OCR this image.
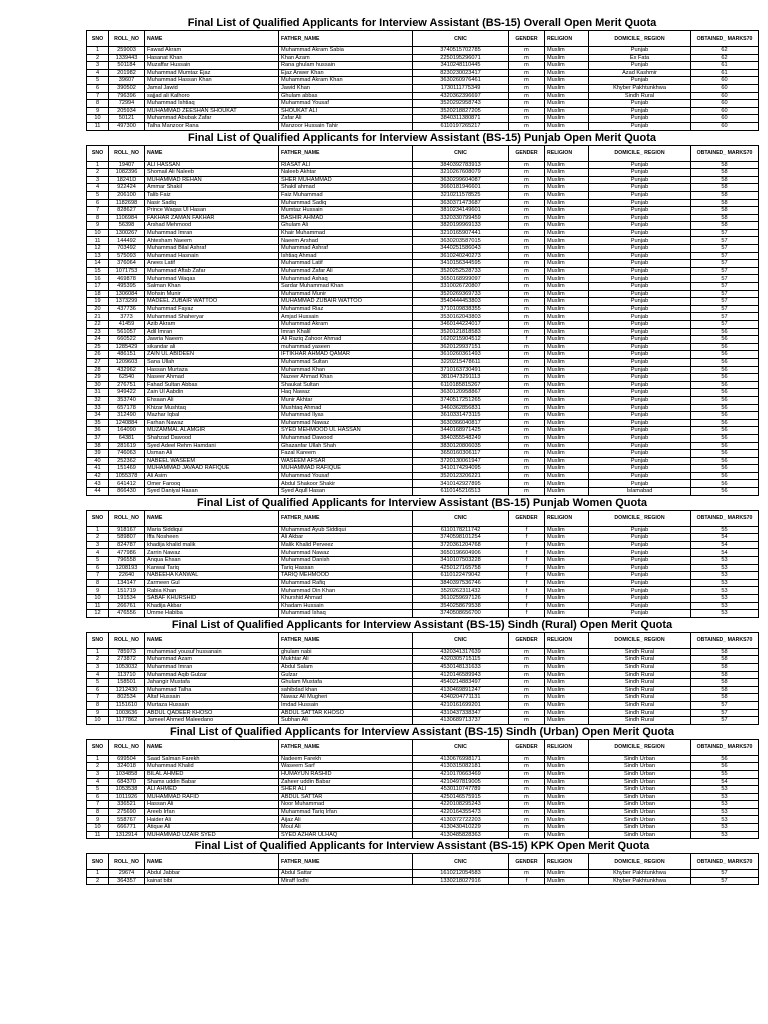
Final List of Qualified Applicants for Interview Assistant (BS-15) Overall Open Merit Quota
SNO	ROLL_NO	NAME	FATHER_NAME	CNIC	GENDER	RELIGION	DOMICILE_ REGION	OBTAINED_ MARKS70
1	259003	Fawad Akram	Muhammad Akram Sabia	3740515702785	m	Muslim	Punjab	62
2	1339443	Hasanat Khan	Khan Azam	2250195296071	m	Muslim	Ex Fata	62
3	501184	Muzaffar Hussain	Rana ghulam hussain	3410248110445	m	Muslim	Punjab	61
4	201982	Muhammad Mumtaz Ejaz	Ejaz Anwer Khan	8230230023417	m	Muslim	Azad Kashmir	61
5	39607	Muhammad Hassan Khan	Muhammad Akram Khan	3630260976461	m	Muslim	Punjab	60
6	390502	Jamal Jawid	Jawid Khan	1730111775349	m	Muslim	Khyber Pakhtunkhwa	60
7	796396	sajjad ali Kalhoro	Ghulam abbas	4320362396697	m	Muslim	Sindh Rural	60
8	72994	Muhammad Ishtiaq	Muhammad Yousaf	3520292958743	m	Muslim	Punjab	60
9	205934	MUHAMMAD ZEESHAN SHOUKAT	SHOUKAT ALI	3520218827205	m	Muslim	Punjab	60
10	50121	Muhammad Abubak Zafar	Zafar Ali	3840311380871	m	Muslim	Punjab	60
11	497300	Talha Manzoor Rana	Manzoor Hussain Tahir	6110197265217	m	Muslim	Punjab	60
Final List of Qualified Applicants for Interview Assistant (BS-15) Punjab Open Merit Quota
SNO	ROLL_NO	NAME	FATHER_NAME	CNIC	GENDER	RELIGION	DOMICILE_ REGION	OBTAINED_ MARKS70
1	19407	ALI HASSAN	RIASAT ALI	3840392783913	m	Muslim	Punjab	58
2	1082396	Shomail Ali Naleeb	Naleeb Akhtar	3210267608079	m	Muslim	Punjab	58
3	18241D	MUHAMMAD REHAN	SHER MUHAMMAD	3630299604087	m	Muslim	Punjab	58
4	922424	Ammar Shakil	Shakil ahmad	3660181946601	m	Muslim	Punjab	58
5	206100	Talib Faiz	Faiz Muhammad	3210211578525	m	Muslim	Punjab	58
6	1182698	Nasir Sadiq	Muhammad Sadiq	3630371473687	m	Muslim	Punjab	58
7	828627	Prince Waqas Ul Hasan	Mumtaz Hussain	3810234149601	m	Muslim	Punjab	58
8	1106984	FAKHAR ZAMAN FAKHAR	BASHIR AHMAD	3320330799459	m	Muslim	Punjab	58
9	56398	Arshad Mehmood	Ghulam Ali	3820199969133	m	Muslim	Punjab	58
10	1300267	Muhammad Imran	Khair Muhammad	3210165907441	m	Muslim	Punjab	57
11	144492	Ahtesham Naeem	Naeem Arshad	3630203587015	m	Muslim	Punjab	57
12	703492	Muhammad Bilal Ashraf	Muhammad Ashraf	3440251586043	m	Muslim	Punjab	57
13	575093	Muhammad Hasnain	Ishtiaq Ahmad	3610240240273	m	Muslim	Punjab	57
14	376064	Anees Latif	Muhammad Latif	3410156344595	m	Muslim	Punjab	57
15	1071753	Muhammad Aftab Zafar	Muhammad Zafar Ali	3520252528733	m	Muslim	Punjab	57
16	469878	Muhammad Waqas	Muhammad Ashaq	3650168999097	m	Muslim	Punjab	57
17	495395	Salman Khan	Sardar Muhammad Khan	3310026720807	m	Muslim	Punjab	57
18	1306084	Mohsin Munir	Muhammad Munir	3520269369733	m	Muslim	Punjab	57
19	1373299	MADEEL ZUBAIR WATTOO	MUHAMMAD ZUBAIR WATTOO	3540444453803	m	Muslim	Punjab	57
20	437736	Muhammad Fayaz	Muhammad Riaz	3710109838355	m	Muslim	Punjab	57
21	3773	Muhammad Shaheryar	Amjad Hussain	3530162043803	m	Muslim	Punjab	57
22	41459	Azib Akram	Muhammad Akram	3460144224017	m	Muslim	Punjab	57
23	561057	Adil Imran	Imran Khalil	3520121818583	m	Muslim	Punjab	56
24	660522	Jawria Naeem	Ali Raziq Zahoor Ahmad	1620215904512	f	Muslim	Punjab	56
25	1285429	sikandar ali	muhammad yaseen	3620129937151	m	Muslim	Punjab	56
26	486151	ZAIN UL ABIDEEN	IFTIKHAR AHMAD QAMAR	3610260361493	m	Muslim	Punjab	56
27	1209603	Sana Ullah	Muhammad Sultan	3220215478611	m	Muslim	Punjab	56
28	432962	Hassan Murtaza	Muhammad Khan	3710163730491	m	Muslim	Punjab	56
29	62540	Naseer Ahmad	Nazeer Ahmad Khan	3810473291113	m	Muslim	Punjab	56
30	276751	Fahad Sultan Abbas	Shaukat Sultan	6110185815267	m	Muslim	Punjab	56
31	949422	Zain Ul Aabdin	Haq Nawaz	3630120958867	m	Muslim	Punjab	56
32	353740	Ehsaan Ali	Munir Akhtar	3740517251265	m	Muslim	Punjab	56
33	657178	Khizar Mushtaq	Mushtaq Ahmad	3460362856831	m	Muslim	Punjab	56
34	312490	Mazhar Iqbal	Muhammad Ilyas	3610331473115	m	Muslim	Punjab	56
35	1240884	Farhan Nawaz	Muhammad Nawaz	3630366040817	m	Muslim	Punjab	56
36	164090	MUZAMMAL ALAMGIR	SYED MEHMOOD UL HASSAN	3440168971425	m	Muslim	Punjab	56
37	64381	Shahzad Dawood	Muhammad Dawood	3840355548249	m	Muslim	Punjab	56
38	281619	Syed Adeel Rehm Hamdani	Ghazanfar Ullah Shah	3830120806035	m	Muslim	Punjab	56
39	746063	Usman Ali	Fazal Kareem	3650160306117	m	Muslim	Punjab	56
40	252362	NABEEL WASEEM	WASEEM AFSAR	3720130061947	m	Muslim	Punjab	56
41	151469	MUHAMMAD JAVAAD RAFIQUE	MUHAMMAD RAFIQUE	3410174294095	m	Muslim	Punjab	56
42	1055378	Ali Asim	Muhammad Yousaf	3520123206221	m	Muslim	Punjab	56
43	641412	Omer Farooq	Abdul Shakoor Shakir	3410142927895	m	Muslim	Punjab	56
44	866430	Syed Daniyal Hasan	Syed Aqull Hasan	6110145216513	m	Muslim	Islamabad	56
Final List of Qualified Applicants for Interview Assistant (BS-15) Punjab Women Quota
SNO	ROLL_NO	NAME	FATHER_NAME	CNIC	GENDER	RELIGION	DOMICILE_ REGION	OBTAINED_ MARKS70
1	918167	Maria Siddiqui	Muhammad Ayub Siddiqui	6110178211742	f	Muslim	Punjab	55
2	589807	Iffa Nosheen	Ali Akbar	3740598101254	f	Muslim	Punjab	54
3	824787	khadija khalid malik	Malik Khalid Perveez	3720361204768	f	Muslim	Punjab	54
4	477986	Zarrin Nawaz	Muhammad Nawaz	3650196604906	f	Muslim	Punjab	54
5	796558	Anqua Ehsan	Muhammad Danish	3410107503228	f	Muslim	Punjab	53
6	1208193	Kanwal Tariq	Tariq Hassan	4250127165758	f	Muslim	Punjab	53
7	22640	NABEEHA KANWAL	TARIQ MEHMOOD	6110122479042	f	Muslim	Punjab	53
8	134147	Zarmeen Gul	Muhammad Rafiq	3840397536746	f	Muslim	Punjab	53
9	151719	Rabia Khan	Muhammad Din Khan	3520262311432	f	Muslim	Punjab	53
10	191534	SABAF KHURSHID	Khurshid Ahmad	3610259697126	f	Muslim	Punjab	53
11	266761	Khadija Akbar	Khadam Hussain	3540258679538	f	Muslim	Punjab	53
12	476556	Umme Habiba	Muhammad Ishaq	3740508656700	f	Muslim	Punjab	53
Final List of Qualified Applicants for Interview Assistant (BS-15) Sindh (Rural) Open Merit Quota
SNO	ROLL_NO	NAME	FATHER_NAME	CNIC	GENDER	RELIGION	DOMICILE_ REGION	OBTAINED_ MARKS70
1	785973	muhammad yousuf hussanain	ghulam nabi	4320341317639	m	Muslim	Sindh Rural	58
2	273872	Muhammad Azam	Mukhtar Ali	4320305715115	m	Muslim	Sindh Rural	58
3	1053032	Muhammad Imran	Abdul Salam	4530148131633	m	Muslim	Sindh Rural	58
4	113710	Muhammad Aqib Gulzar	Gulzar	4120146589943	m	Muslim	Sindh Rural	58
5	158501	Jahangir Mustafa	Ghulam Mustafa	4540214883497	m	Muslim	Sindh Rural	58
6	1212430	Muhammad Talha	sahibdad khan	4130469891247	m	Muslim	Sindh Rural	58
7	802534	Altaf Hussain	Nawaz Ali Mugheri	4340204771131	m	Muslim	Sindh Rural	58
8	1151610	Murtaza Hussain	Imdad Hussain	4210161699201	m	Muslim	Sindh Rural	57
9	1003636	ABDUL QADEER KHOSO	ABDUL SATTAR KHOSO	4310437338347	m	Muslim	Sindh Rural	57
10	1177862	Jameel Ahmed Maleedano	Subhan Ali	4130689713737	m	Muslim	Sindh Rural	57
Final List of Qualified Applicants for Interview Assistant (BS-15) Sindh (Urban) Open Merit Quota
SNO	ROLL_NO	NAME	FATHER_NAME	CNIC	GENDER	RELIGION	DOMICILE_ REGION	OBTAINED_ MARKS70
1	699504	Saad Salman Farekh	Nadeem Farekh	4130676998171	m	Muslim	Sindh Urban	56
2	324018	Muhammad Khalid	Waseem Sarf	4130315082181	m	Muslim	Sindh Urban	56
3	1034858	BILAL AHMED	HUMAYUN RASHID	4210170663469	m	Muslim	Sindh Urban	55
4	684370	Shams uddin Babar	Zaheer uddin Babar	4210497819005	m	Muslim	Sindh Urban	54
5	1053538	ALI AHMED	SHER ALI	4530110747789	m	Muslim	Sindh Urban	53
6	1011926	MUHAMMAD RAFID	ABDUL SATTAR	4250146575915	m	Muslim	Sindh Urban	53
7	336521	Hassan Ali	Noor Muhammad	4220108295243	m	Muslim	Sindh Urban	53
8	275690	Areeb Irfan	Muhammad Tariq Irfan	4220164355473	m	Muslim	Sindh Urban	53
9	558767	Haider Ali	Aijaz Ali	4130372722203	m	Muslim	Sindh Urban	53
10	666771	Atique Ali	Moul Ali	4130430410229	m	Muslim	Sindh Urban	53
11	1312914	MUHAMMAD UZAIR SYED	SYED AZHAR ULHAQ	4130485828363	m	Muslim	Sindh Urban	53
Final List of Qualified Applicants for Interview Assistant (BS-15) KPK Open Merit Quota
SNO	ROLL_NO	NAME	FATHER_NAME	CNIC	GENDER	RELIGION	DOMICILE_ REGION	OBTAINED_ MARKS70
1	29674	Abdul Jabbar	Abdul Sattar	1610212054583	m	Muslim	Khyber Pakhtunkhwa	57
2	364357	kainat bibi	Miraff Iodhi	1330218027916	f	Muslim	Khyber Pakhtunkhwa	57
